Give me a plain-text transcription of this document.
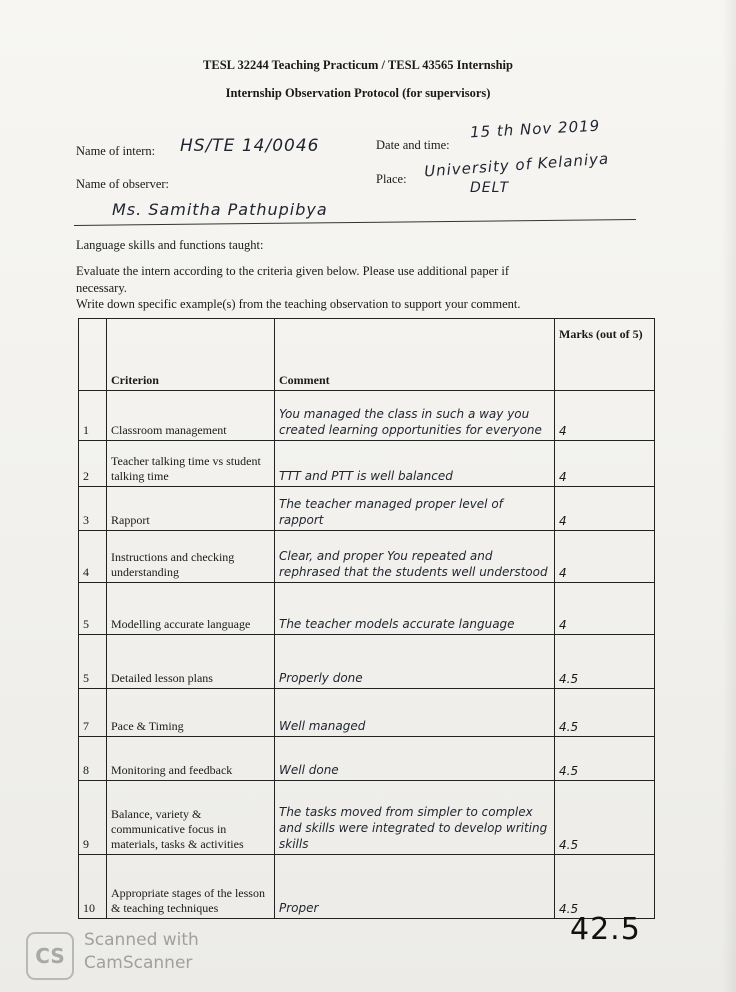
TESL 32244 Teaching Practicum / TESL 43565 Internship
Internship Observation Protocol (for supervisors)
Name of intern: HS/TE 14/0046	Date and time:
15 th Nov 2019
Name of observer:
Ms. Samitha Pathupibya
Place: University of Kelaniya
DELT
Language skills and functions taught:
Evaluate the intern according to the criteria given below. Please use additional paper if
necessary.
Write down specific example(s) from the teaching observation to support your comment.
	Criterion	Comment	Marks (out of 5)
1	Classroom management	You managed the class in such a way you created learning opportunities for everyone	4
2	Teacher talking time vs student talking time	TTT and PTT is well balanced	4
3	Rapport	The teacher managed proper level of rapport	4
4	Instructions and checking understanding	Clear, and proper You repeated and rephrased that the students well understood	4
5	Modelling accurate language	The teacher models accurate language	4
5	Detailed lesson plans	Properly done	4.5
7	Pace & Timing	Well managed	4.5
8	Monitoring and feedback	Well done	4.5
9	Balance, variety & communicative focus in materials, tasks & activities	The tasks moved from simpler to complex and skills were integrated to develop writing skills	4.5
10	Appropriate stages of the lesson & teaching techniques	Proper	4.5
42.5
CS
Scanned with
CamScanner
